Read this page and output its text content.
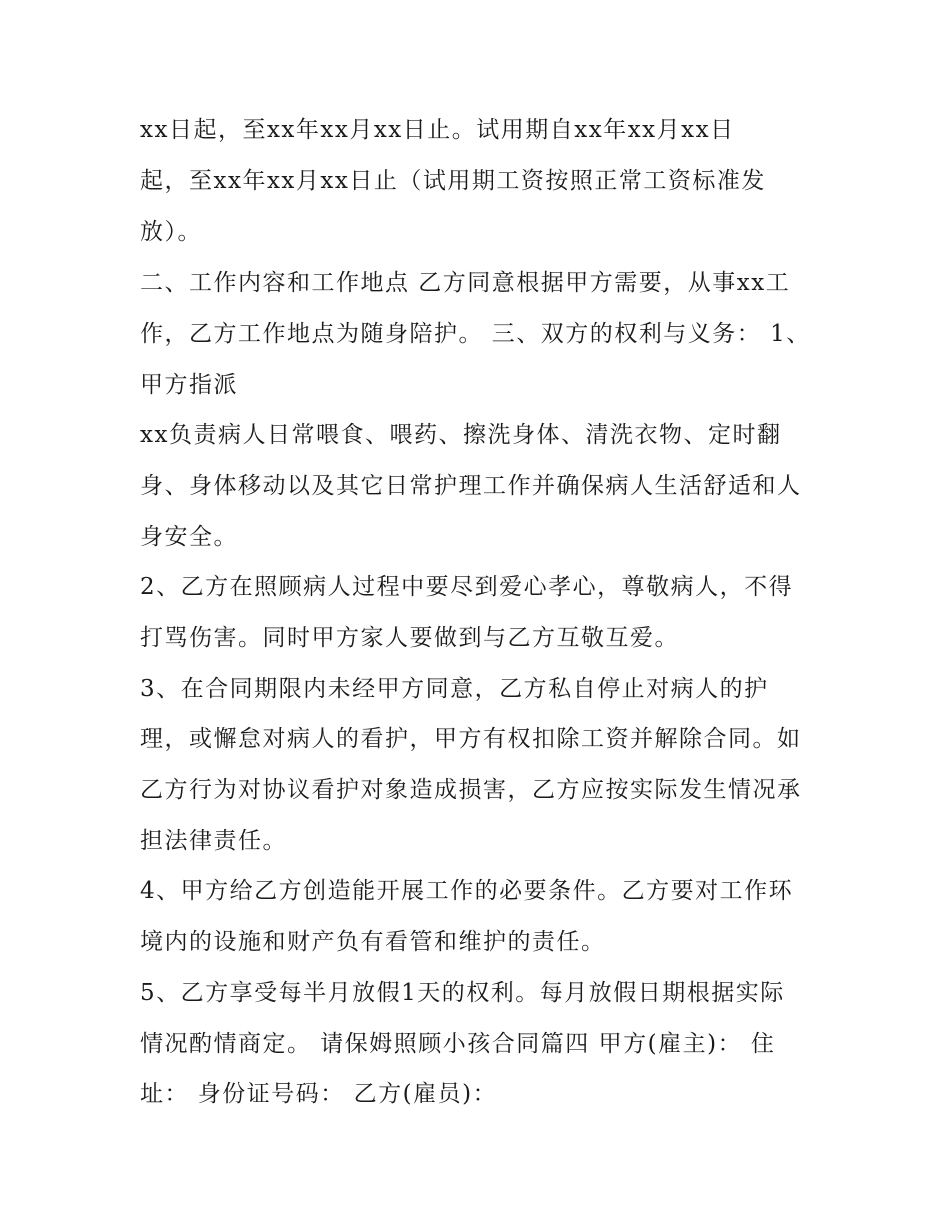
xx日起，至xx年xx月xx日止。试用期自xx年xx月xx日
起，至xx年xx月xx日止（试用期工资按照正常工资标准发
放）。
二、工作内容和工作地点 乙方同意根据甲方需要，从事xx工
作，乙方工作地点为随身陪护。 三、双方的权利与义务： 1、
甲方指派
xx负责病人日常喂食、喂药、擦洗身体、清洗衣物、定时翻
身、身体移动以及其它日常护理工作并确保病人生活舒适和人
身安全。
2、乙方在照顾病人过程中要尽到爱心孝心，尊敬病人，不得
打骂伤害。同时甲方家人要做到与乙方互敬互爱。
3、在合同期限内未经甲方同意，乙方私自停止对病人的护
理，或懈怠对病人的看护，甲方有权扣除工资并解除合同。如
乙方行为对协议看护对象造成损害，乙方应按实际发生情况承
担法律责任。
4、甲方给乙方创造能开展工作的必要条件。乙方要对工作环
境内的设施和财产负有看管和维护的责任。
5、乙方享受每半月放假1天的权利。每月放假日期根据实际
情况酌情商定。 请保姆照顾小孩合同篇四 甲方(雇主)： 住
址： 身份证号码： 乙方(雇员)：
